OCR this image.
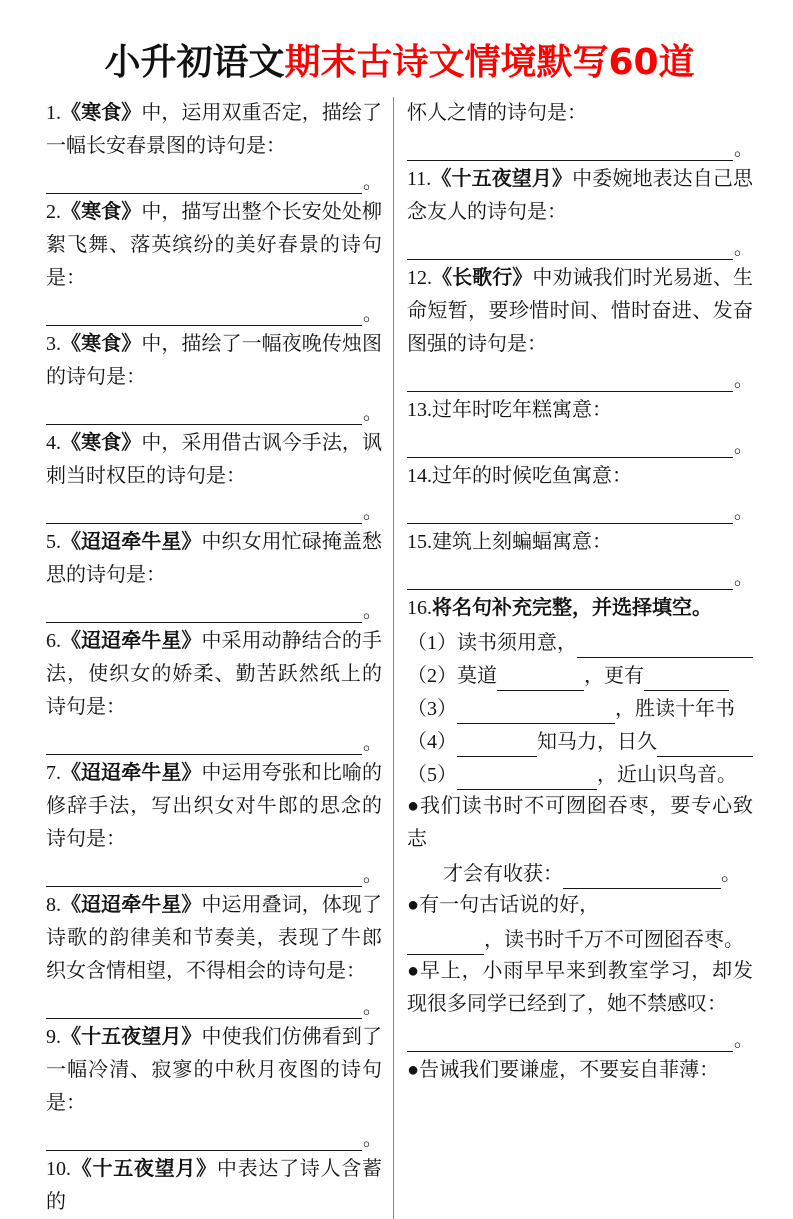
小升初语文期末古诗文情境默写60道

1.《寒食》中，运用双重否定，描绘了一幅长安春景图的诗句是：

。

2.《寒食》中，描写出整个长安处处柳絮飞舞、落英缤纷的美好春景的诗句是：

。

3.《寒食》中，描绘了一幅夜晚传烛图的诗句是：

。

4.《寒食》中，采用借古讽今手法，讽刺当时权臣的诗句是：

。

5.《迢迢牵牛星》中织女用忙碌掩盖愁思的诗句是：

。

6.《迢迢牵牛星》中采用动静结合的手法，使织女的娇柔、勤苦跃然纸上的诗句是：

。

7.《迢迢牵牛星》中运用夸张和比喻的修辞手法，写出织女对牛郎的思念的诗句是：

。

8.《迢迢牵牛星》中运用叠词，体现了诗歌的韵律美和节奏美，表现了牛郎织女含情相望，不得相会的诗句是：

。

9.《十五夜望月》中使我们仿佛看到了一幅冷清、寂寥的中秋月夜图的诗句是：

。

10.《十五夜望月》中表达了诗人含蓄的

怀人之情的诗句是：

。

11.《十五夜望月》中委婉地表达自己思念友人的诗句是：

。

12.《长歌行》中劝诫我们时光易逝、生命短暂，要珍惜时间、惜时奋进、发奋图强的诗句是：

。

13.过年时吃年糕寓意：

。

14.过年的时候吃鱼寓意：

。

15.建筑上刻蝙蝠寓意：

。

16.将名句补充完整，并选择填空。

（1）读书须用意，
（2）莫道	，更有
（3）	，胜读十年书
（4）	知马力，日久
（5）	，近山识鸟音。

●我们读书时不可囫囵吞枣，要专心致志

才会有收获：	。

●有一句古话说的好，

，读书时千万不可囫囵吞枣。

●早上，小雨早早来到教室学习，却发现很多同学已经到了，她不禁感叹：

。

●告诫我们要谦虚，不要妄自菲薄：
